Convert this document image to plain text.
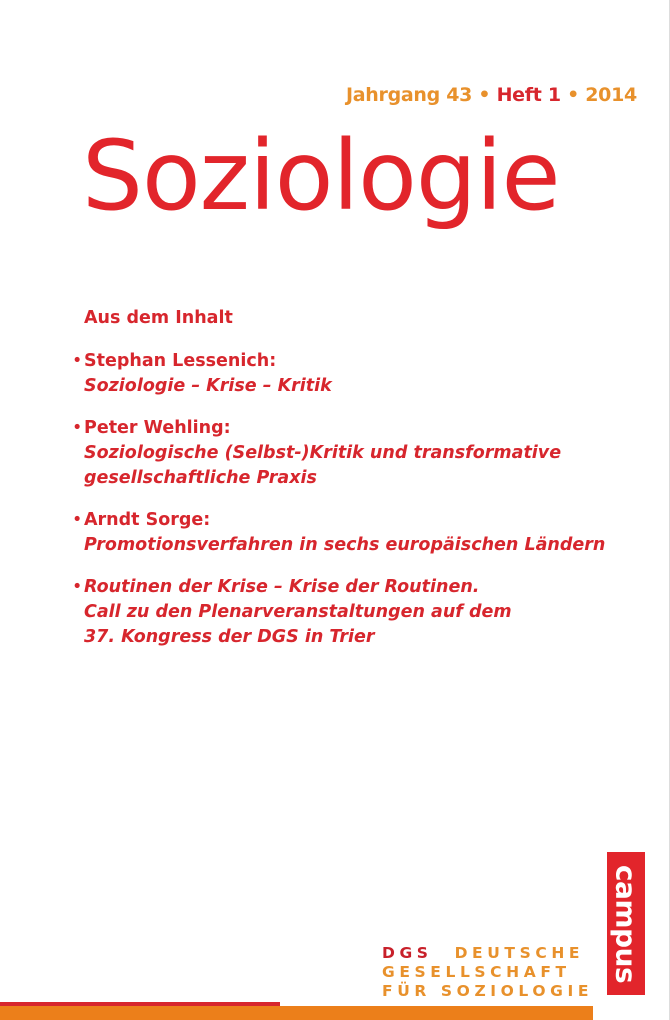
Jahrgang 43 • Heft 1 • 2014
Soziologie
Aus dem Inhalt
• Stephan Lessenich:
Soziologie – Krise – Kritik
• Peter Wehling:
Soziologische (Selbst-)Kritik und transformative
gesellschaftliche Praxis
• Arndt Sorge:
Promotionsverfahren in sechs europäischen Ländern
• Routinen der Krise – Krise der Routinen.
Call zu den Plenarveranstaltungen auf dem
37. Kongress der DGS in Trier
DGS DEUTSCHE
GESELLSCHAFT
FÜR SOZIOLOGIE
campus
